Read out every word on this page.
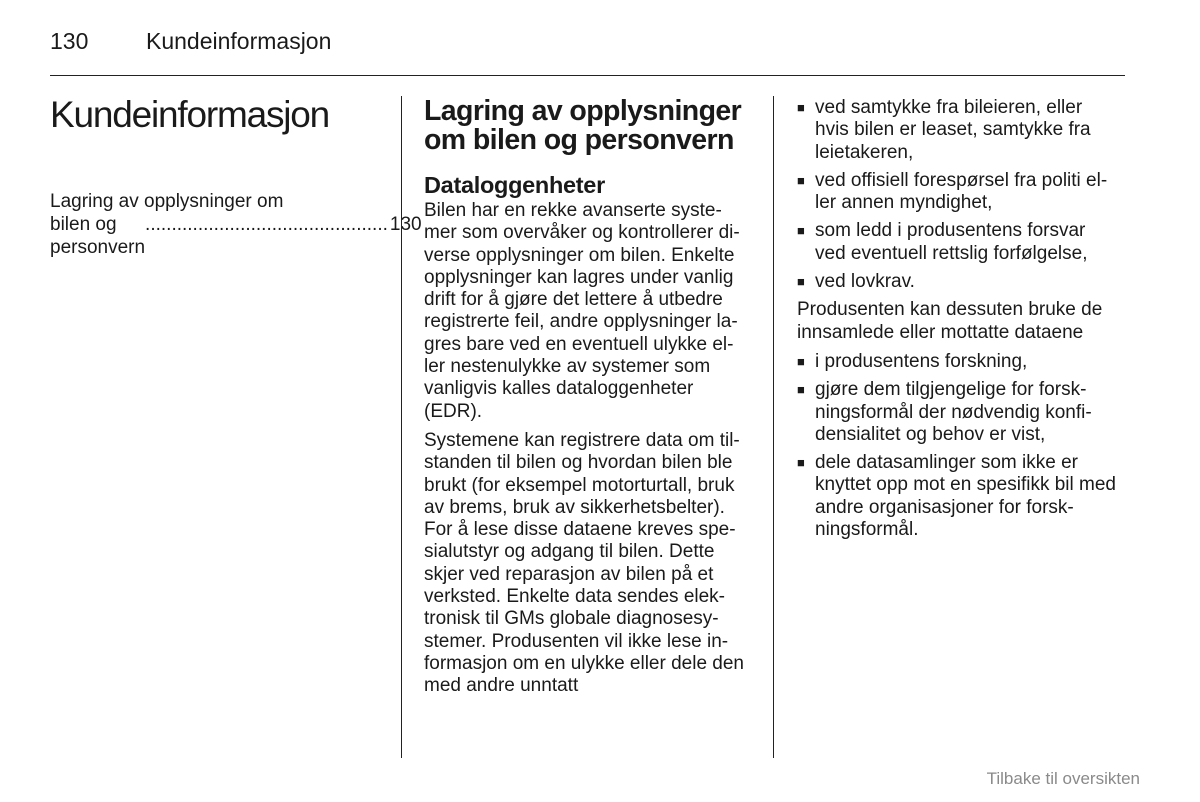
130	Kundeinformasjon
Kundeinformasjon
Lagring av opplysninger om
bilen og personvern
.............................................. 130
Lagring av opplysninger
om bilen og personvern
Dataloggenheter

Bilen har en rekke avanserte syste-
mer som overvåker og kontrollerer di-
verse opplysninger om bilen. Enkelte
opplysninger kan lagres under vanlig
drift for å gjøre det lettere å utbedre
registrerte feil, andre opplysninger la-
gres bare ved en eventuell ulykke el-
ler nestenulykke av systemer som
vanligvis kalles dataloggenheter
(EDR).

Systemene kan registrere data om til-
standen til bilen og hvordan bilen ble
brukt (for eksempel motorturtall, bruk
av brems, bruk av sikkerhetsbelter).
For å lese disse dataene kreves spe-
sialutstyr og adgang til bilen. Dette
skjer ved reparasjon av bilen på et
verksted. Enkelte data sendes elek-
tronisk til GMs globale diagnosesy-
stemer. Produsenten vil ikke lese in-
formasjon om en ulykke eller dele den
med andre unntatt

■ ved samtykke fra bileieren, eller
hvis bilen er leaset, samtykke fra
leietakeren,
■ ved offisiell forespørsel fra politi el-
ler annen myndighet,
■ som ledd i produsentens forsvar
ved eventuell rettslig forfølgelse,
■ ved lovkrav.

Produsenten kan dessuten bruke de
innsamlede eller mottatte dataene

■ i produsentens forskning,
■ gjøre dem tilgjengelige for forsk-
ningsformål der nødvendig konfi-
densialitet og behov er vist,
■ dele datasamlinger som ikke er
knyttet opp mot en spesifikk bil med
andre organisasjoner for forsk-
ningsformål.
Tilbake til oversikten
